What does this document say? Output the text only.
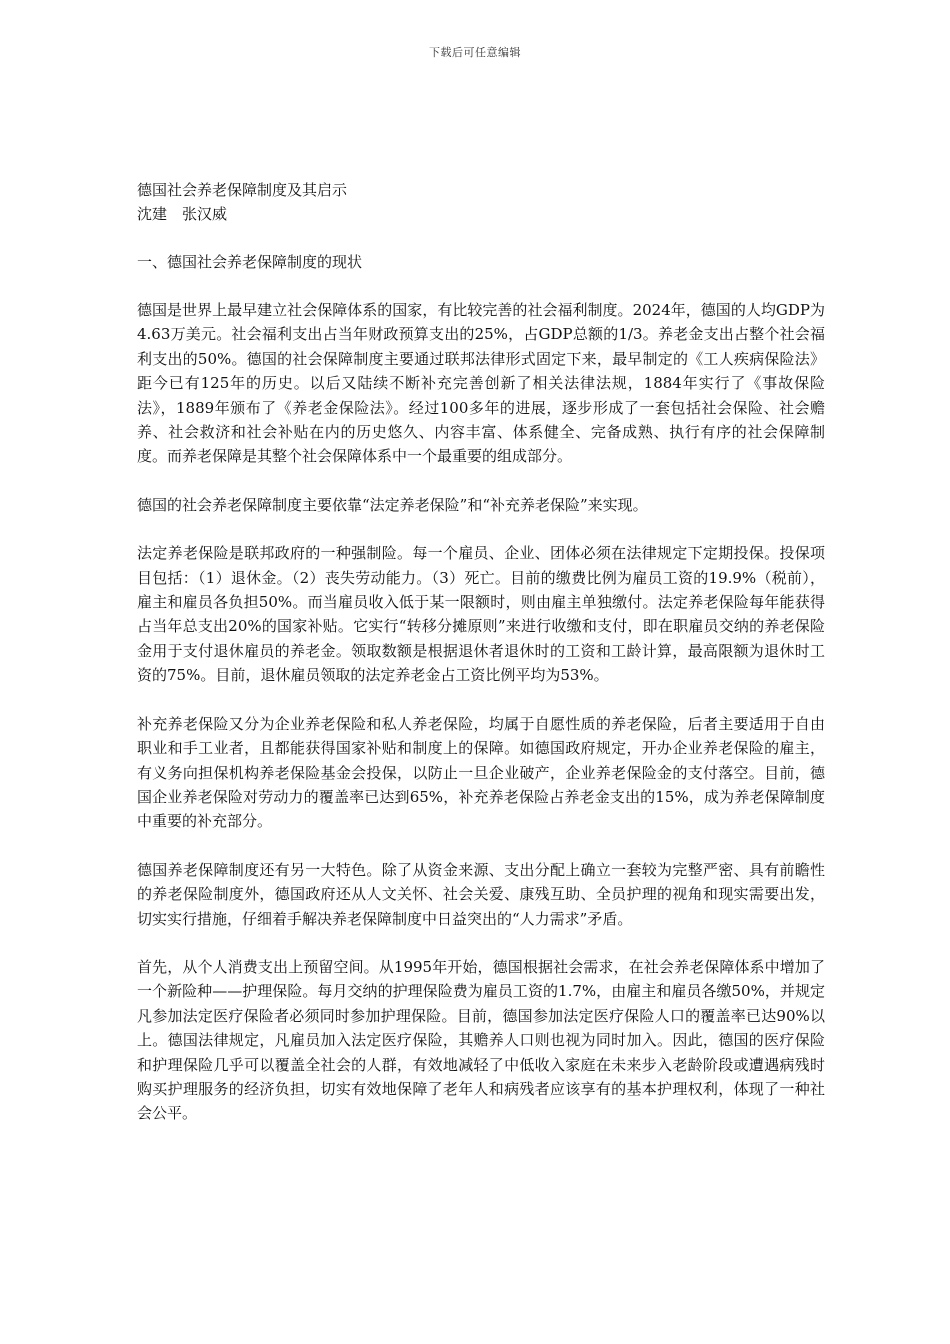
下载后可任意编辑

德国社会养老保障制度及其启示

沈建　张汉威

一、德国社会养老保障制度的现状

德国是世界上最早建立社会保障体系的国家，有比较完善的社会福利制度。2024年，德国的人均GDP为4.63万美元。社会福利支出占当年财政预算支出的25%，占GDP总额的1/3。养老金支出占整个社会福利支出的50%。德国的社会保障制度主要通过联邦法律形式固定下来，最早制定的《工人疾病保险法》距今已有125年的历史。以后又陆续不断补充完善创新了相关法律法规，1884年实行了《事故保险法》，1889年颁布了《养老金保险法》。经过100多年的进展，逐步形成了一套包括社会保险、社会赡养、社会救济和社会补贴在内的历史悠久、内容丰富、体系健全、完备成熟、执行有序的社会保障制度。而养老保障是其整个社会保障体系中一个最重要的组成部分。

德国的社会养老保障制度主要依靠“法定养老保险”和“补充养老保险”来实现。

法定养老保险是联邦政府的一种强制险。每一个雇员、企业、团体必须在法律规定下定期投保。投保项目包括：（1）退休金。（2）丧失劳动能力。（3）死亡。目前的缴费比例为雇员工资的19.9%（税前），雇主和雇员各负担50%。而当雇员收入低于某一限额时，则由雇主单独缴付。法定养老保险每年能获得占当年总支出20%的国家补贴。它实行“转移分摊原则”来进行收缴和支付，即在职雇员交纳的养老保险金用于支付退休雇员的养老金。领取数额是根据退休者退休时的工资和工龄计算，最高限额为退休时工资的75%。目前，退休雇员领取的法定养老金占工资比例平均为53%。

补充养老保险又分为企业养老保险和私人养老保险，均属于自愿性质的养老保险，后者主要适用于自由职业和手工业者，且都能获得国家补贴和制度上的保障。如德国政府规定，开办企业养老保险的雇主，有义务向担保机构养老保险基金会投保，以防止一旦企业破产，企业养老保险金的支付落空。目前，德国企业养老保险对劳动力的覆盖率已达到65%，补充养老保险占养老金支出的15%，成为养老保障制度中重要的补充部分。

德国养老保障制度还有另一大特色。除了从资金来源、支出分配上确立一套较为完整严密、具有前瞻性的养老保险制度外，德国政府还从人文关怀、社会关爱、康残互助、全员护理的视角和现实需要出发，切实实行措施，仔细着手解决养老保障制度中日益突出的“人力需求”矛盾。

首先，从个人消费支出上预留空间。从1995年开始，德国根据社会需求，在社会养老保障体系中增加了一个新险种——护理保险。每月交纳的护理保险费为雇员工资的1.7%，由雇主和雇员各缴50%，并规定凡参加法定医疗保险者必须同时参加护理保险。目前，德国参加法定医疗保险人口的覆盖率已达90%以上。德国法律规定，凡雇员加入法定医疗保险，其赡养人口则也视为同时加入。因此，德国的医疗保险和护理保险几乎可以覆盖全社会的人群，有效地减轻了中低收入家庭在未来步入老龄阶段或遭遇病残时购买护理服务的经济负担，切实有效地保障了老年人和病残者应该享有的基本护理权利，体现了一种社会公平。
